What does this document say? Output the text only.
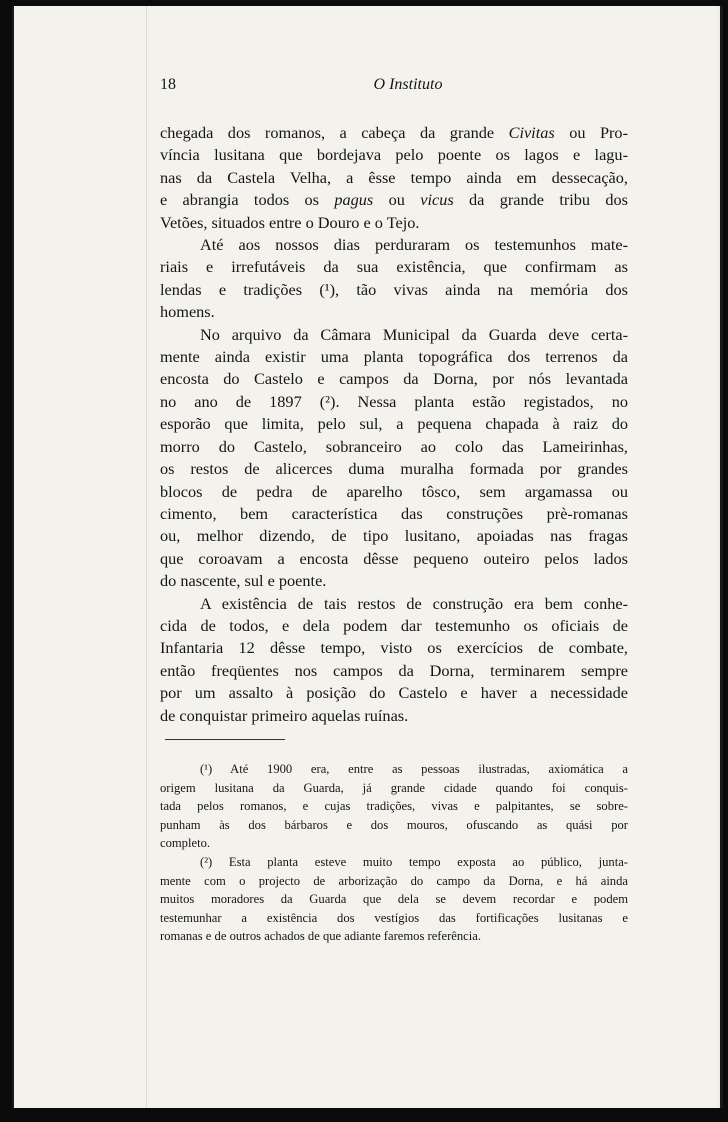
18	O Instituto
chegada dos romanos, a cabeça da grande Civitas ou Pro-
víncia lusitana que bordejava pelo poente os lagos e lagu-
nas da Castela Velha, a êsse tempo ainda em dessecação,
e abrangia todos os pagus ou vicus da grande tribu dos
Vetões, situados entre o Douro e o Tejo.
Até aos nossos dias perduraram os testemunhos mate-
riais e irrefutáveis da sua existência, que confirmam as
lendas e tradições (¹), tão vivas ainda na memória dos
homens.
No arquivo da Câmara Municipal da Guarda deve certa-
mente ainda existir uma planta topográfica dos terrenos da
encosta do Castelo e campos da Dorna, por nós levantada
no ano de 1897 (²). Nessa planta estão registados, no
esporão que limita, pelo sul, a pequena chapada à raiz do
morro do Castelo, sobranceiro ao colo das Lameirinhas,
os restos de alicerces duma muralha formada por grandes
blocos de pedra de aparelho tôsco, sem argamassa ou
cimento, bem característica das construções prè-romanas
ou, melhor dizendo, de tipo lusitano, apoiadas nas fragas
que coroavam a encosta dêsse pequeno outeiro pelos lados
do nascente, sul e poente.
A existência de tais restos de construção era bem conhe-
cida de todos, e dela podem dar testemunho os oficiais de
Infantaria 12 dêsse tempo, visto os exercícios de combate,
então freqüentes nos campos da Dorna, terminarem sempre
por um assalto à posição do Castelo e haver a necessidade
de conquistar primeiro aquelas ruínas.
(¹) Até 1900 era, entre as pessoas ilustradas, axiomática a
origem lusitana da Guarda, já grande cidade quando foi conquis-
tada pelos romanos, e cujas tradições, vivas e palpitantes, se sobre-
punham às dos bárbaros e dos mouros, ofuscando as quási por
completo.
(²) Esta planta esteve muito tempo exposta ao público, junta-
mente com o projecto de arborização do campo da Dorna, e há ainda
muitos moradores da Guarda que dela se devem recordar e podem
testemunhar a existência dos vestígios das fortificações lusitanas e
romanas e de outros achados de que adiante faremos referência.
